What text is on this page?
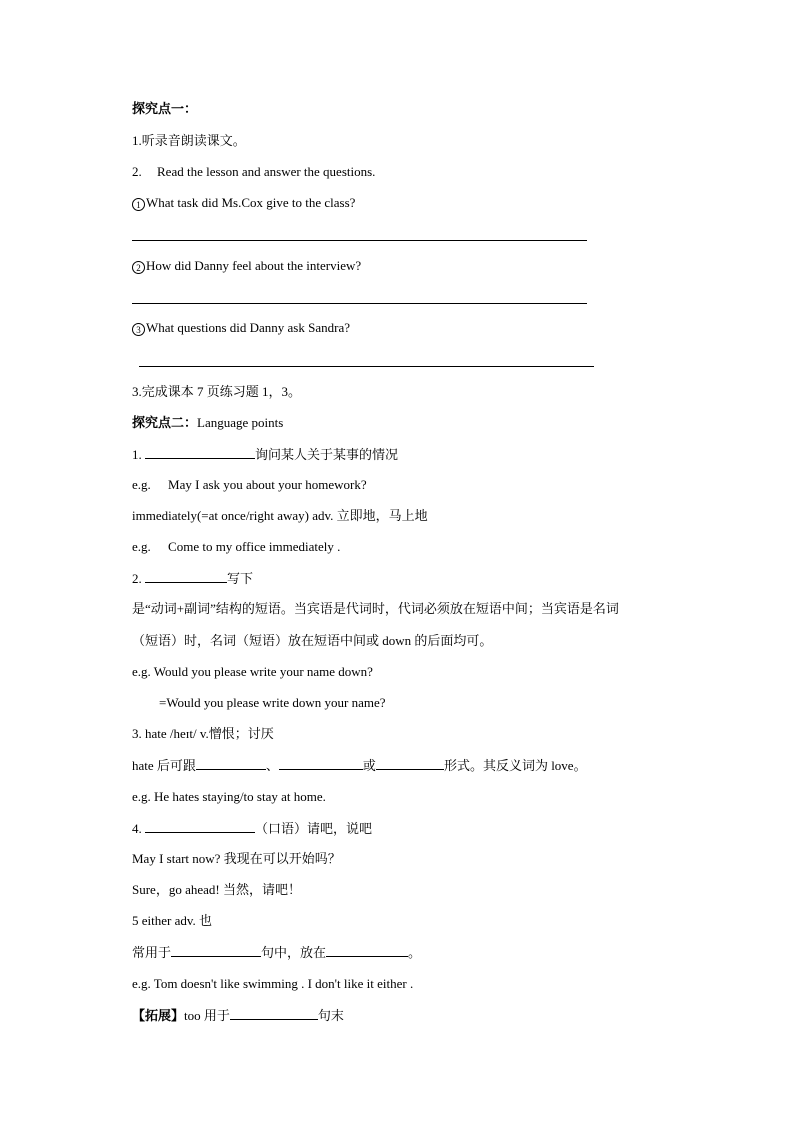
探究点一：
1.听录音朗读课文。
2. Read the lesson and answer the questions.
1 What task did Ms.Cox give to the class?
2 How did Danny feel about the interview?
3 What questions did Danny ask Sandra?
3.完成课本 7 页练习题 1，3。
探究点二：Language points
1.	询问某人关于某事的情况
e.g. May I ask you about your homework?
immediately(=at once/right away) adv. 立即地，马上地
e.g. Come to my office immediately .
2.	写下
是“动词+副词”结构的短语。当宾语是代词时，代词必须放在短语中间；当宾语是名词
（短语）时，名词（短语）放在短语中间或 down 的后面均可。
e.g. Would you please write your name down?
=Would you please write down your name?
3. hate /heɪt/ v.憎恨；讨厌
hate 后可跟	、	或	形式。其反义词为 love。
e.g. He hates staying/to stay at home.
4.	（口语）请吧，说吧
May I start now? 我现在可以开始吗？
Sure，go ahead! 当然，请吧！
5 either adv. 也
常用于	句中，放在	。
e.g. Tom doesn't like swimming . I don't like it either .
【拓展】too 用于	句末
